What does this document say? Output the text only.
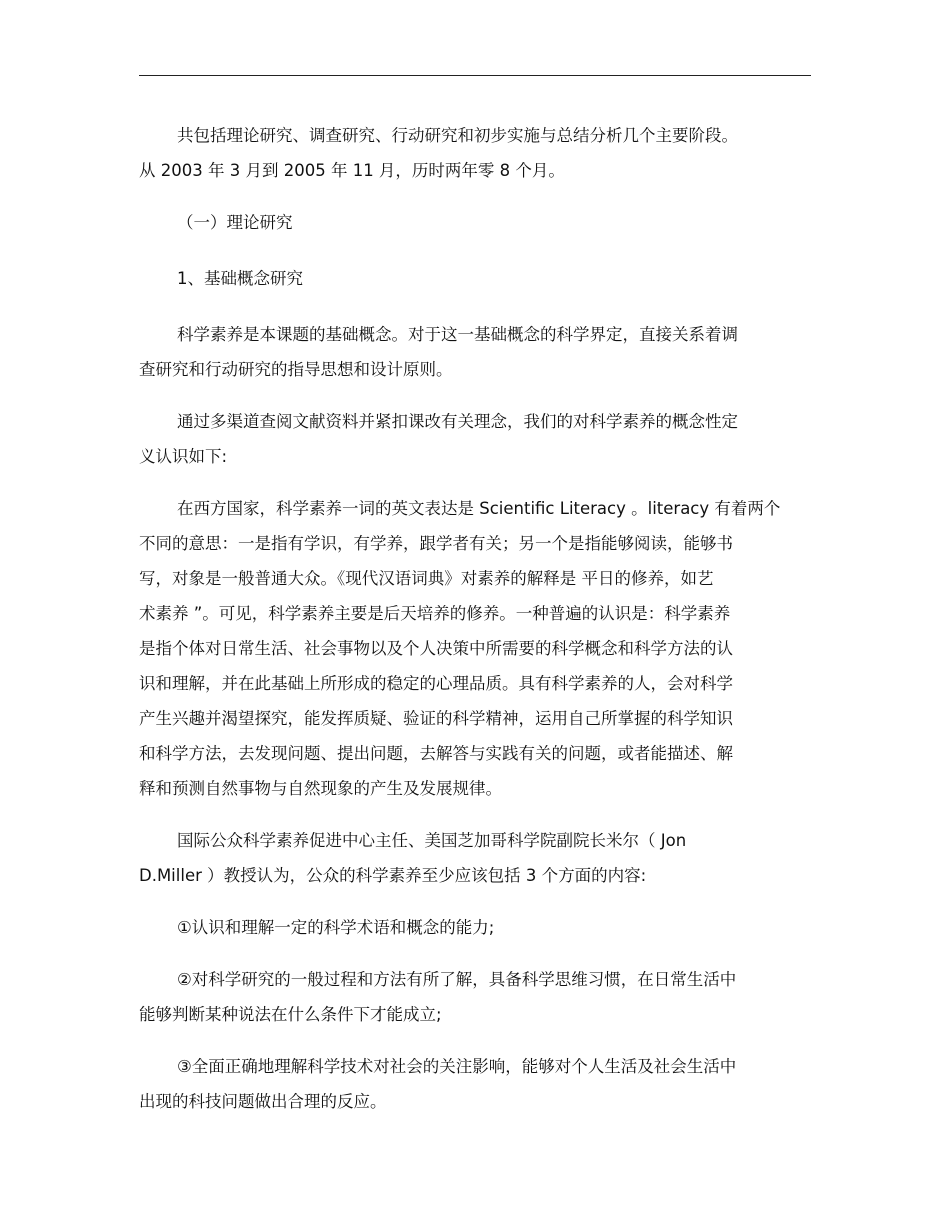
共包括理论研究、调查研究、行动研究和初步实施与总结分析几个主要阶段。
从 2003 年 3 月到 2005 年 11 月，历时两年零 8 个月。
（一）理论研究
1、基础概念研究
科学素养是本课题的基础概念。对于这一基础概念的科学界定，直接关系着调
查研究和行动研究的指导思想和设计原则。
通过多渠道查阅文献资料并紧扣课改有关理念，我们的对科学素养的概念性定
义认识如下:
在西方国家，科学素养一词的英文表达是 Scientific Literacy 。literacy 有着两个
不同的意思：一是指有学识，有学养，跟学者有关；另一个是指能够阅读，能够书
写，对象是一般普通大众。《现代汉语词典》对素养的解释是 平日的修养，如艺
术素养 ”。可见，科学素养主要是后天培养的修养。一种普遍的认识是：科学素养
是指个体对日常生活、社会事物以及个人决策中所需要的科学概念和科学方法的认
识和理解，并在此基础上所形成的稳定的心理品质。具有科学素养的人，会对科学
产生兴趣并渴望探究，能发挥质疑、验证的科学精神，运用自己所掌握的科学知识
和科学方法，去发现问题、提出问题，去解答与实践有关的问题，或者能描述、解
释和预测自然事物与自然现象的产生及发展规律。
国际公众科学素养促进中心主任、美国芝加哥科学院副院长米尔（ Jon
D.Miller ）教授认为，公众的科学素养至少应该包括 3 个方面的内容:
①认识和理解一定的科学术语和概念的能力;
②对科学研究的一般过程和方法有所了解，具备科学思维习惯，在日常生活中
能够判断某种说法在什么条件下才能成立;
③全面正确地理解科学技术对社会的关注影响，能够对个人生活及社会生活中
出现的科技问题做出合理的反应。
